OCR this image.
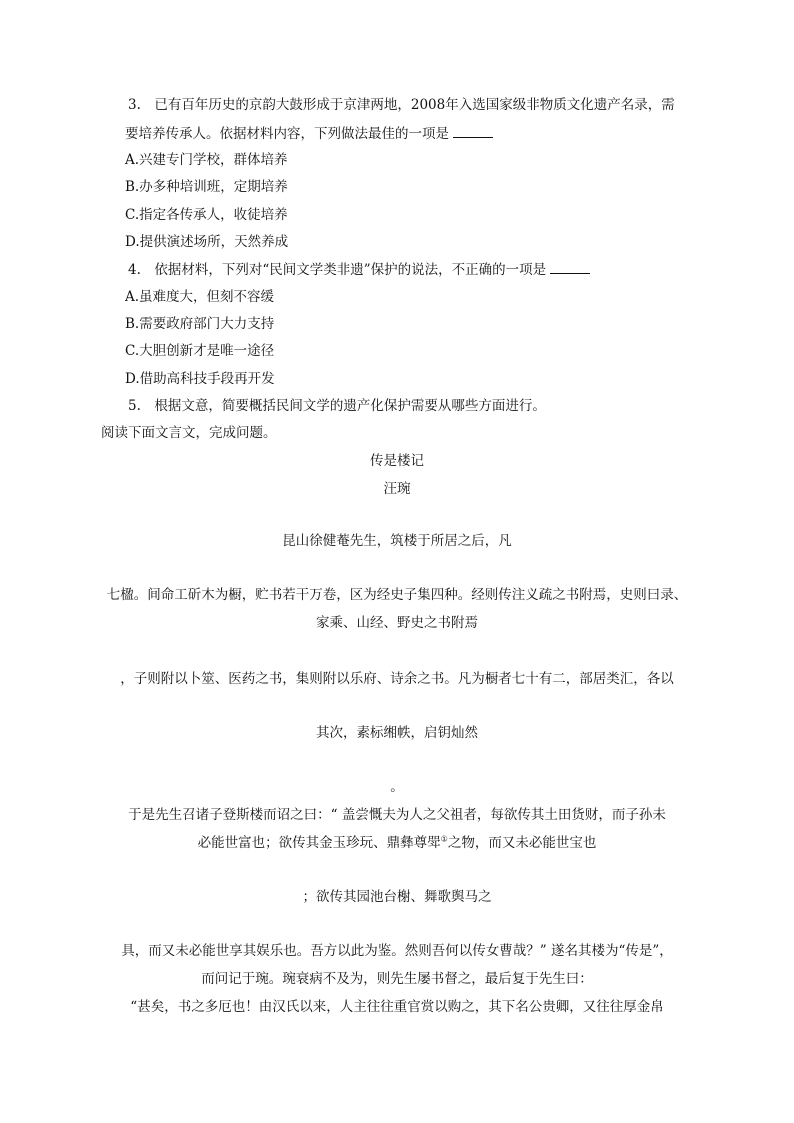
3.　已有百年历史的京韵大鼓形成于京津两地，2008年入选国家级非物质文化遗产名录，需
要培养传承人。依据材料内容，下列做法最佳的一项是
A.兴建专门学校，群体培养
B.办多种培训班，定期培养
C.指定各传承人，收徒培养
D.提供演述场所，天然养成
4.　依据材料，下列对“民间文学类非遗”保护的说法，不正确的一项是
A.虽难度大，但刻不容缓
B.需要政府部门大力支持
C.大胆创新才是唯一途径
D.借助高科技手段再开发
5.　根据文意，简要概括民间文学的遗产化保护需要从哪些方面进行。
阅读下面文言文，完成问题。
传是楼记
汪琬
昆山徐健菴先生，筑楼于所居之后，凡
七楹。间命工斫木为橱，贮书若干万卷，区为经史子集四种。经则传注义疏之书附焉，史则曰录、
家乘、山经、野史之书附焉
，子则附以卜筮、医药之书，集则附以乐府、诗余之书。凡为橱者七十有二，部居类汇，各以
其次，素标缃帙，启钥灿然
。
于是先生召诸子登斯楼而诏之曰：“ 盖尝慨夫为人之父祖者，每欲传其土田货财，而子孙未
必能世富也；欲传其金玉珍玩、鼎彝尊斝①之物，而又未必能世宝也
；欲传其园池台榭、舞歌舆马之
具，而又未必能世享其娱乐也。吾方以此为鉴。然则吾何以传女曹哉？” 遂名其楼为“传是”，
而问记于琬。琬衰病不及为，则先生屡书督之，最后复于先生曰：
“甚矣，书之多厄也！由汉氏以来，人主往往重官赏以购之，其下名公贵卿，又往往厚金帛
